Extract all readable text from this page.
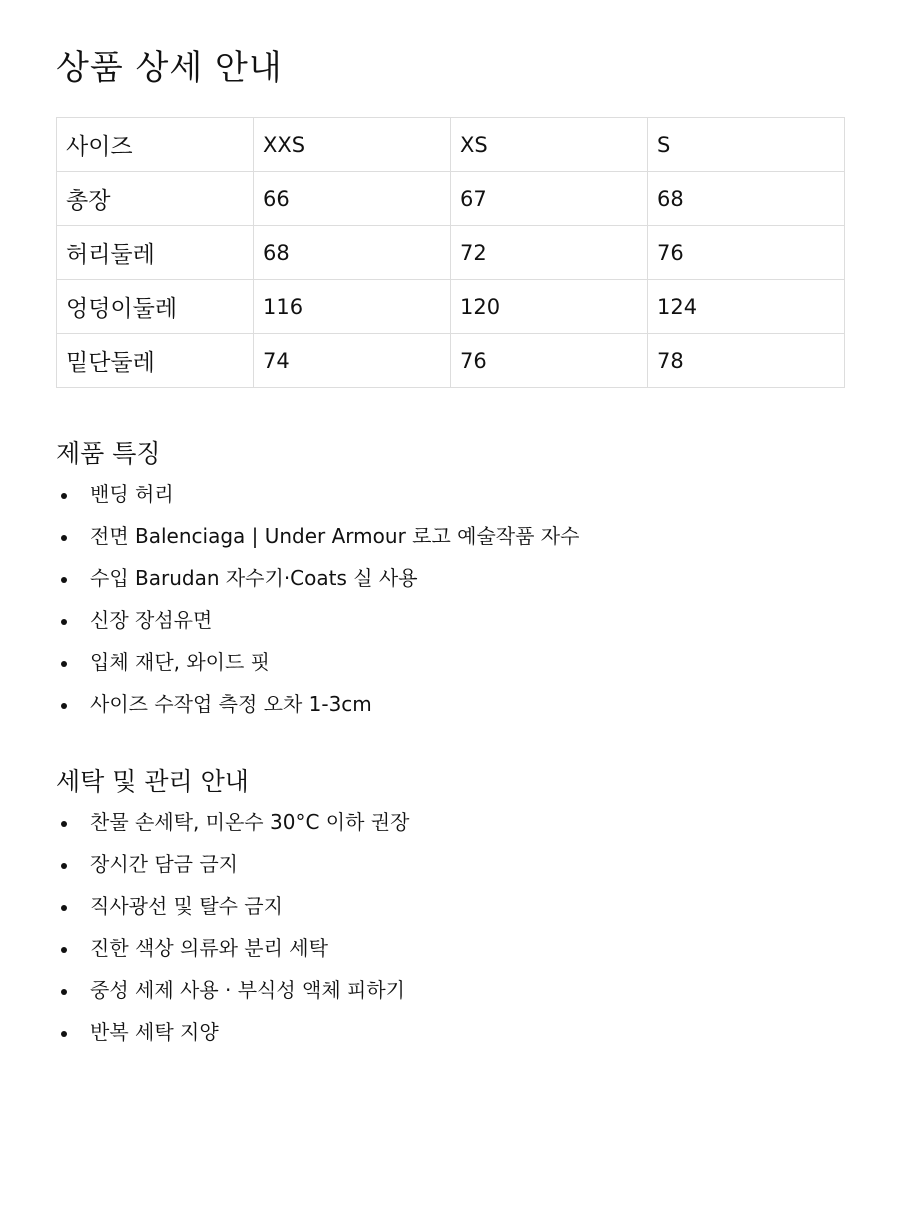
상품 상세 안내
사이즈	XXS	XS	S
총장	66	67	68
허리둘레	68	72	76
엉덩이둘레	116	120	124
밑단둘레	74	76	78
제품 특징
밴딩 허리
전면 Balenciaga | Under Armour 로고 예술작품 자수
수입 Barudan 자수기·Coats 실 사용
신장 장섬유면
입체 재단, 와이드 핏
사이즈 수작업 측정 오차 1-3cm
세탁 및 관리 안내
찬물 손세탁, 미온수 30°C 이하 권장
장시간 담금 금지
직사광선 및 탈수 금지
진한 색상 의류와 분리 세탁
중성 세제 사용 · 부식성 액체 피하기
반복 세탁 지양
